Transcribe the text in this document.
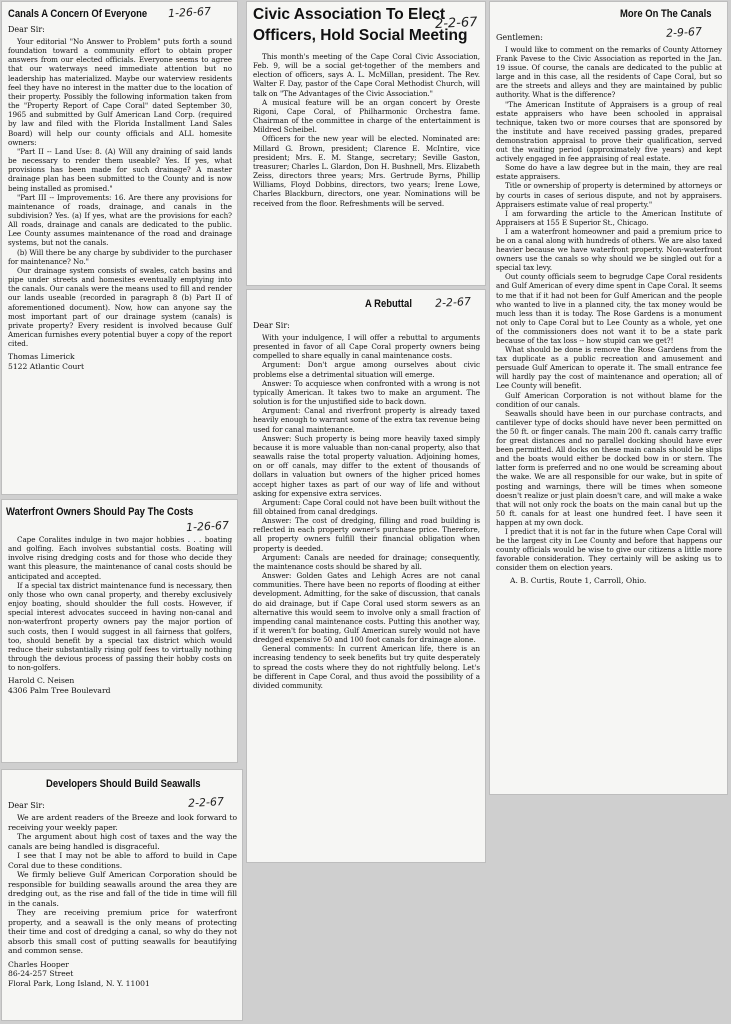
Canals A Concern Of Everyone	1-26-67
Dear Sir:

Your editorial "No Answer to Problem" puts forth a sound foundation toward a community effort to obtain proper answers from our elected officials. Everyone seems to agree that our waterways need immediate attention but no leadership has materialized. Maybe our waterview residents feel they have no interest in the matter due to the location of their property. Possibly the following information taken from the "Property Report of Cape Coral" dated September 30, 1965 and submitted by Gulf American Land Corp. (required by law and filed with the Florida Installment Land Sales Board) will help our county officials and ALL homesite owners:

"Part II -- Land Use: 8. (A) Will any draining of said lands be necessary to render them useable? Yes. If yes, what provisions has been made for such drainage? A master drainage plan has been submitted to the County and is now being installed as promised."

"Part III -- Improvements: 16. Are there any provisions for maintenance of roads, drainage, and canals in the subdivision? Yes. (a) If yes, what are the provisions for each? All roads, drainage and canals are dedicated to the public. Lee County assumes maintenance of the road and drainage systems, but not the canals.

(b) Will there be any charge by subdivider to the purchaser for maintenance? No."

Our drainage system consists of swales, catch basins and pipe under streets and homesites eventually emptying into the canals. Our canals were the means used to fill and render our lands useable (recorded in paragraph 8 (b) Part II of aforementioned document). Now, how can anyone say the most important part of our drainage system (canals) is private property? Every resident is involved because Gulf American furnishes every potential buyer a copy of the report cited.

Thomas Limerick
5122 Atlantic Court
Waterfront Owners Should Pay The Costs
1-26-67

Cape Coralites indulge in two major hobbies . . . boating and golfing. Each involves substantial costs. Boating will involve rising dredging costs and for those who decide they want this pleasure, the maintenance of canal costs should be anticipated and accepted.

If a special tax district maintenance fund is necessary, then only those who own canal property, and thereby exclusively enjoy boating, should shoulder the full costs. However, if special interest advocates succeed in having non-canal and non-waterfront property owners pay the major portion of such costs, then I would suggest in all fairness that golfers, too, should benefit by a special tax district which would reduce their substantially rising golf fees to virtually nothing through the devious process of passing their hobby costs on to non-golfers.

Harold C. Neisen
4306 Palm Tree Boulevard
Developers Should Build Seawalls
2-2-67
Dear Sir:

We are ardent readers of the Breeze and look forward to receiving your weekly paper.

The argument about high cost of taxes and the way the canals are being handled is disgraceful.

I see that I may not be able to afford to build in Cape Coral due to these conditions.

We firmly believe Gulf American Corporation should be responsible for building seawalls around the area they are dredging out, as the rise and fall of the tide in time will fill in the canals.

They are receiving premium price for waterfront property, and a seawall is the only means of protecting their time and cost of dredging a canal, so why do they not absorb this small cost of putting seawalls for beautifying and common sense.

Charles Hooper
86-24-257 Street
Floral Park, Long Island, N. Y. 11001
Civic Association To Elect Officers, Hold Social Meeting
2-2-67

This month's meeting of the Cape Coral Civic Association, Feb. 9, will be a social get-together of the members and election of officers, says A. L. McMillan, president. The Rev. Walter F. Day, pastor of the Cape Coral Methodist Church, will talk on "The Advantages of the Civic Association."

A musical feature will be an organ concert by Oreste Rigoni, Cape Coral, of Philharmonic Orchestra fame. Chairman of the committee in charge of the entertainment is Mildred Scheibel.

Officers for the new year will be elected. Nominated are: Millard G. Brown, president; Clarence E. McIntire, vice president; Mrs. E. M. Stange, secretary; Seville Gaston, treasurer; Charles L. Glardon, Don H. Bushnell, Mrs. Elizabeth Zeiss, directors three years; Mrs. Gertrude Byrns, Phillip Williams, Floyd Dobbins, directors, two years; Irene Lowe, Charles Blackburn, directors, one year. Nominations will be received from the floor. Refreshments will be served.

A Rebuttal	2-2-67
Dear Sir:

With your indulgence, I will offer a rebuttal to arguments presented in favor of all Cape Coral property owners being compelled to share equally in canal maintenance costs.

Argument: Don't argue among ourselves about civic problems else a detrimental situation will emerge.

Answer: To acquiesce when confronted with a wrong is not typically American. It takes two to make an argument. The solution is for the unjustified side to back down.

Argument: Canal and riverfront property is already taxed heavily enough to warrant some of the extra tax revenue being used for canal maintenance.

Answer: Such property is being more heavily taxed simply because it is more valuable than non-canal property, also that seawalls raise the total property valuation. Adjoining homes, on or off canals, may differ to the extent of thousands of dollars in valuation but owners of the higher priced homes accept higher taxes as part of our way of life and without asking for expensive extra services.

Argument: Cape Coral could not have been built without the fill obtained from canal dredgings.

Answer: The cost of dredging, filling and road building is reflected in each property owner's purchase price. Therefore, all property owners fulfill their financial obligation when property is deeded.

Argument: Canals are needed for drainage; consequently, the maintenance costs should be shared by all.

Answer: Golden Gates and Lehigh Acres are not canal communities. There have been no reports of flooding at either development. Admitting, for the sake of discussion, that canals do aid drainage, but if Cape Coral used storm sewers as an alternative this would seem to involve only a small fraction of impending canal maintenance costs. Putting this another way, if it weren't for boating, Gulf American surely would not have dredged expensive 50 and 100 foot canals for drainage alone.

General comments: In current American life, there is an increasing tendency to seek benefits but try quite desperately to spread the costs where they do not rightfully belong. Let's be different in Cape Coral, and thus avoid the possibility of a divided community.

More On The Canals
2-9-67
Gentlemen:

I would like to comment on the remarks of County Attorney Frank Pavese to the Civic Association as reported in the Jan. 19 issue. Of course, the canals are dedicated to the public at large and in this case, all the residents of Cape Coral, but so are the streets and alleys and they are maintained by public authority. What is the difference?

"The American Institute of Appraisers is a group of real estate appraisers who have been schooled in appraisal technique, taken two or more courses that are sponsored by the institute and have received passing grades, prepared demonstration appraisal to prove their qualification, served out the waiting period (approximately five years) and kept actively engaged in fee appraising of real estate.

Some do have a law degree but in the main, they are real estate appraisers.

Title or ownership of property is determined by attorneys or by courts in cases of serious dispute, and not by appraisers. Appraisers estimate value of real property."

I am forwarding the article to the American Institute of Appraisers at 155 E Superior St., Chicago.

I am a waterfront homeowner and paid a premium price to be on a canal along with hundreds of others. We are also taxed heavier because we have waterfront property. Non-waterfront owners use the canals so why should we be singled out for a special tax levy.

Out county officials seem to begrudge Cape Coral residents and Gulf American of every dime spent in Cape Coral. It seems to me that if it had not been for Gulf American and the people who wanted to live in a planned city, the tax money would be much less than it is today. The Rose Gardens is a monument not only to Cape Coral but to Lee County as a whole, yet one of the commissioners does not want it to be a state park because of the tax loss -- how stupid can we get?!

What should be done is remove the Rose Gardens from the tax duplicate as a public recreation and amusement and persuade Gulf American to operate it. The small entrance fee will hardly pay the cost of maintenance and operation; all of Lee County will benefit.

Gulf American Corporation is not without blame for the condition of our canals.

Seawalls should have been in our purchase contracts, and cantilever type of docks should have never been permitted on the 50 ft. or finger canals. The main 200 ft. canals carry traffic for great distances and no parallel docking should have ever been permitted. All docks on these main canals should be slips and the boats would either be docked bow in or stern. The latter form is preferred and no one would be screaming about the wake. We are all responsible for our wake, but in spite of posting and warnings, there will be times when someone doesn't realize or just plain doesn't care, and will make a wake that will not only rock the boats on the main canal but up the 50 ft. canals for at least one hundred feet. I have seen it happen at my own dock.

I predict that it is not far in the future when Cape Coral will be the largest city in Lee County and before that happens our county officials would be wise to give our citizens a little more favorable consideration. They certainly will be asking us to consider them on election years.

A. B. Curtis, Route 1, Carroll, Ohio.
